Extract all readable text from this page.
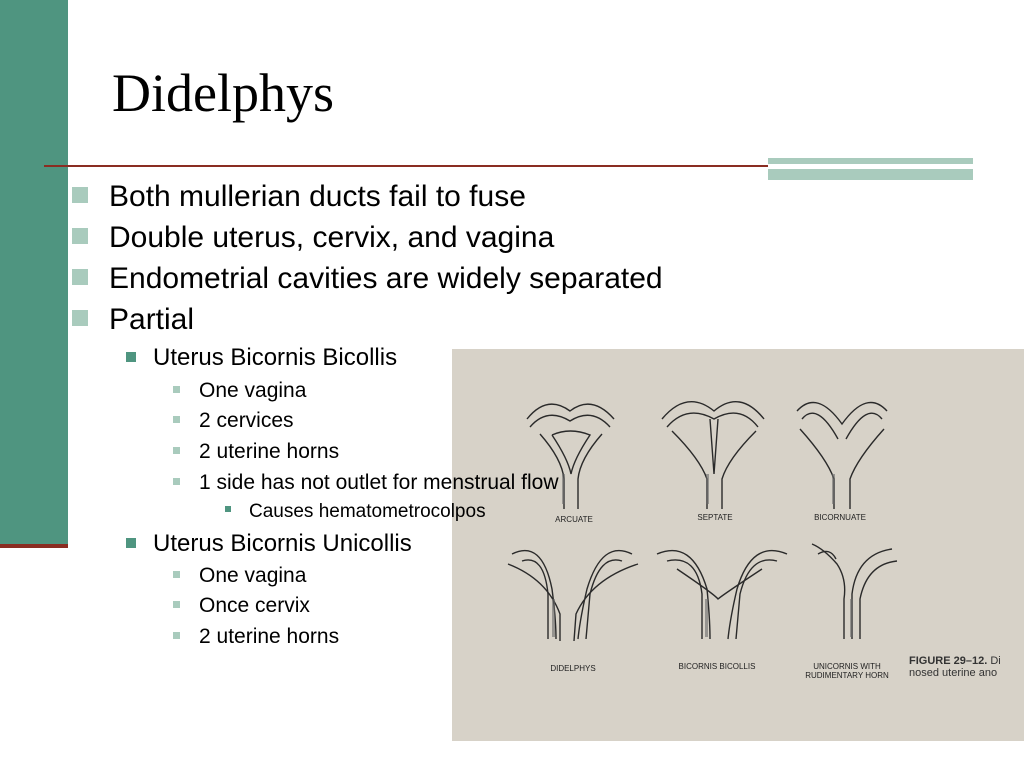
Didelphys
Both mullerian ducts fail to fuse
Double uterus, cervix, and vagina
Endometrial cavities are widely separated
Partial
Uterus Bicornis Bicollis
ARCUATE	SEPTATE	BICORNUATE
DIDELPHYS	BICORNIS BICOLLIS	UNICORNIS WITH RUDIMENTARY HORN
FIGURE 29–12. Di
nosed uterine ano
One vagina
2 cervices
2 uterine horns
1 side has not outlet for menstrual flow
Causes hematometrocolpos
Uterus Bicornis Unicollis
One vagina
Once cervix
2 uterine horns
